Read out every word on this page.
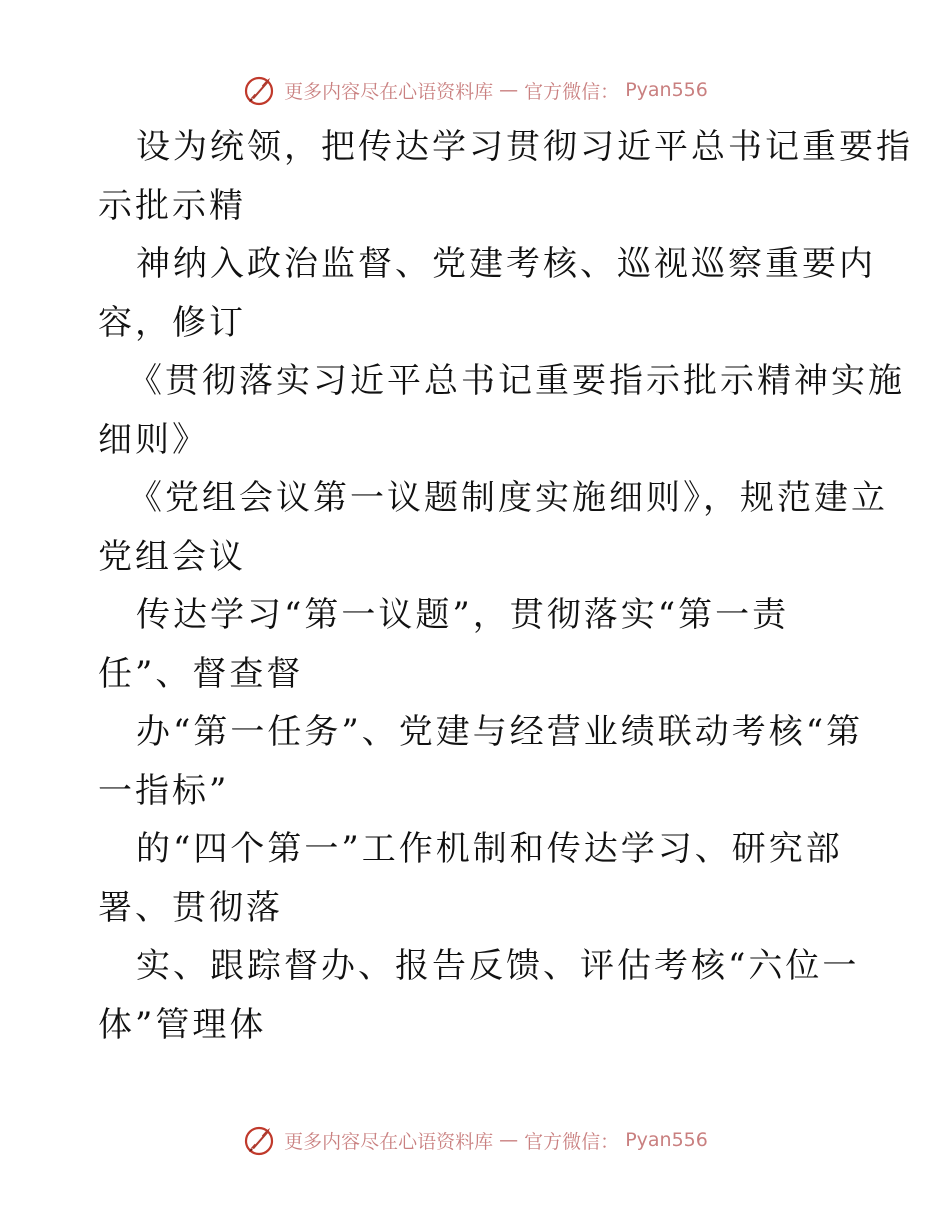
更多内容尽在心语资料库 — 官方微信： Pyan556

设为统领，把传达学习贯彻习近平总书记重要指
示批示精

神纳入政治监督、党建考核、巡视巡察重要内
容，修订

《贯彻落实习近平总书记重要指示批示精神实施
细则》

《党组会议第一议题制度实施细则》，规范建立
党组会议

传达学习“第一议题”，贯彻落实“第一责
任”、督查督

办“第一任务”、党建与经营业绩联动考核“第
一指标”

的“四个第一”工作机制和传达学习、研究部
署、贯彻落

实、跟踪督办、报告反馈、评估考核“六位一
体”管理体

更多内容尽在心语资料库 — 官方微信： Pyan556
